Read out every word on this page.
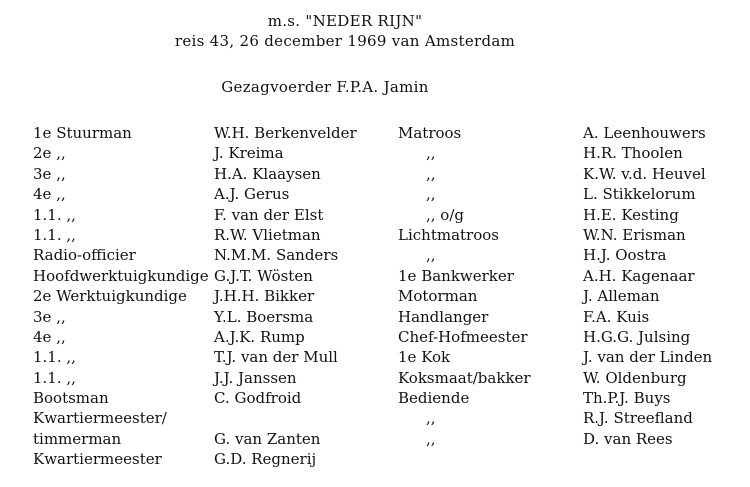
m.s. "NEDER RIJN"
reis 43, 26 december 1969 van Amsterdam
Gezagvoerder F.P.A. Jamin
1e Stuurman
2e ,,
3e ,,
4e ,,
1.1. ,,
1.1. ,,
Radio-officier
Hoofdwerktuigkundige
2e Werktuigkundige
3e ,,
4e ,,
1.1. ,,
1.1. ,,
Bootsman
Kwartiermeester/
timmerman
Kwartiermeester
W.H. Berkenvelder
J. Kreima
H.A. Klaaysen
A.J. Gerus
F. van der Elst
R.W. Vlietman
N.M.M. Sanders
G.J.T. Wösten
J.H.H. Bikker
Y.L. Boersma
A.J.K. Rump
T.J. van der Mull
J.J. Janssen
C. Godfroid
G. van Zanten
G.D. Regnerij
Matroos
,,
,,
,,
,, o/g
Lichtmatroos
,,
1e Bankwerker
Motorman
Handlanger
Chef-Hofmeester
1e Kok
Koksmaat/bakker
Bediende
,,
,,
A. Leenhouwers
H.R. Thoolen
K.W. v.d. Heuvel
L. Stikkelorum
H.E. Kesting
W.N. Erisman
H.J. Oostra
A.H. Kagenaar
J. Alleman
F.A. Kuis
H.G.G. Julsing
J. van der Linden
W. Oldenburg
Th.P.J. Buys
R.J. Streefland
D. van Rees
